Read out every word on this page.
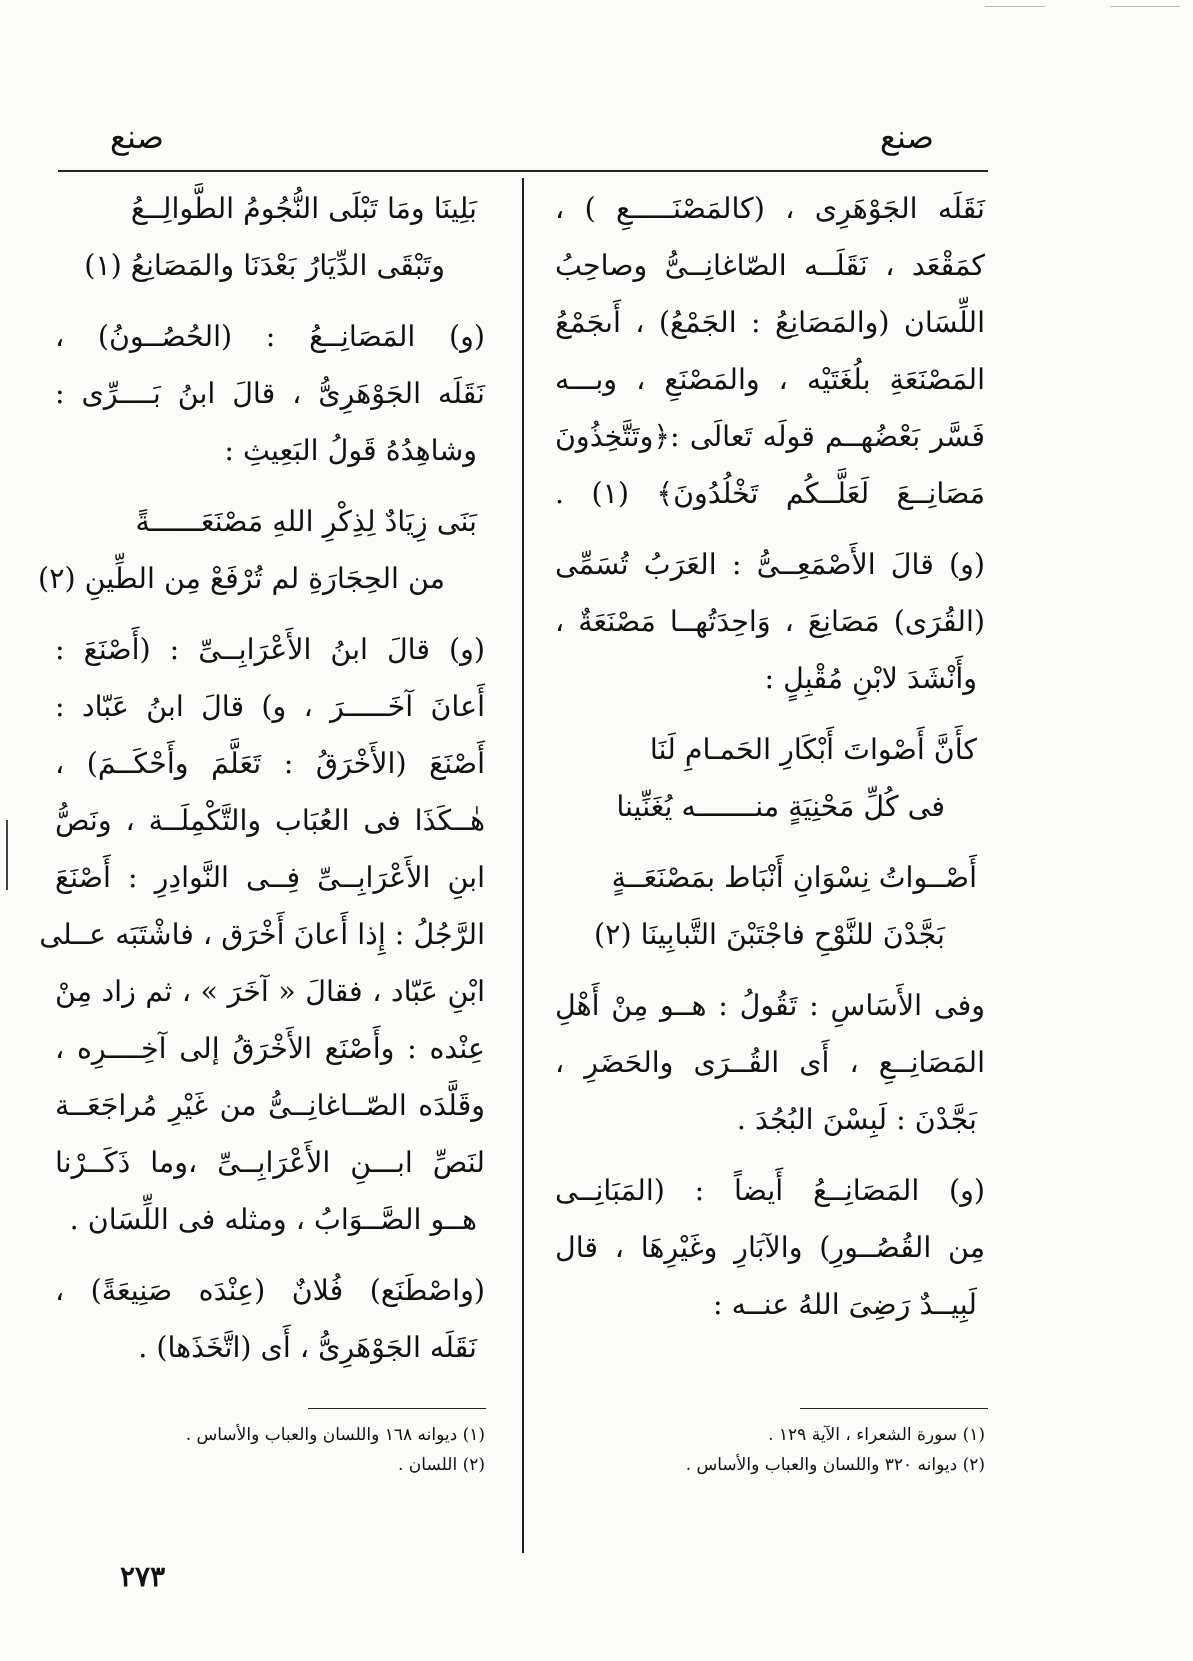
صنع
صنع
نَقَلَه الجَوْهَرِى ، (كالمَصْنَـــــعِ ) ،
كمَقْعَد ، نَقَلَــه الصّاغانِــىُّ وصاحِبُ
اللِّسَان (والمَصَانِعُ : الجَمْعُ) ، أَىجَمْعُ
المَصْنَعَةِ بلُغَتَيْه ، والمَصْنَعِ ، وبـــه
فَسَّر بَعْضُهــم قولَه تَعالَى :﴿وتَتَّخِذُونَ
مَصَانِــعَ لَعَلَّــكُم تَخْلُدُونَ﴾ (١) .
(و) قالَ الأَصْمَعِــىُّ : العَرَبُ تُسَمِّى
(القُرَى) مَصَانِعَ ، وَاحِدَتُهــا مَصْنَعَةٌ ،
وأَنْشَدَ لابْنِ مُقْبِلٍ :
كأَنَّ أَصْواتَ أَبْكَارِ الحَمـامِ لَنَا
فى كُلِّ مَحْنِيَةٍ منـــــــه يُغَنِّينا
أَصْــواتُ نِسْوَانِ أَنْبَاط بمَصْنَعَــةٍ
بَجَّدْنَ للنَّوْحِ فاجْتَبْنَ التَّبابِينَا (٢)
وفى الأَسَاسِ : تَقُولُ : هــو مِنْ أَهْلِ
المَصَانِــعِ ، أَى القُــرَى والحَضَرِ ،
بَجَّدْنَ : لَبِسْنَ البُجُدَ .
(و) المَصَانِــعُ أَيضاً : (المَبَانِــى
مِن القُصُــورِ) والآبَارِ وغَيْرِهَا ، قال
لَبِيــدٌ رَضِىَ اللهُ عنــه :
بَلِينَا ومَا تَبْلَى النُّجُومُ الطَّوالِــعُ
وتَبْقَى الدِّيَارُ بَعْدَنَا والمَصَانِعُ (١)
(و) المَصَانِــعُ : (الحُصُــونُ) ،
نَقَلَه الجَوْهَرِىُّ ، قالَ ابنُ بَــــرِّى :
وشاهِدُهُ قَولُ البَعِيثِ :
بَنَى زِيَادٌ لِذِكْرِ اللهِ مَصْنَعَــــــةً
من الحِجَارَةِ لم تُرْفَعْ مِن الطِّينِ (٢)
(و) قالَ ابنُ الأَعْرَابِــىِّ : (أَصْنَعَ :
أَعانَ آخَـــــرَ ، و) قالَ ابنُ عَبّاد :
أَصْنَعَ (الأَخْرَقُ : تَعَلَّمَ وأَحْكَــمَ) ،
هٰــكَذَا فى العُبَاب والتَّكْمِلَــة ، ونَصُّ
ابنِ الأَعْرَابِــىِّ فِــى النَّوادِرِ : أَصْنَعَ
الرَّجُلُ : إِذا أَعانَ أَخْرَق ، فاشْتَبَه عــلى
ابْنِ عَبّاد ، فقالَ « آخَرَ » ، ثم زاد مِنْ
عِنْده : وأَصْنَع الأَخْرَقُ إلى آخِــــرِه ،
وقَلَّدَه الصّــاغانِــىُّ من غَيْرِ مُراجَعَــة
لنَصِّ ابـــنِ الأَعْرَابِــىِّ ،وما ذَكَــرْنا
هــو الصَّــوَابُ ، ومثله فى اللِّسَان .
(واصْطَنَع) فُلانٌ (عِنْدَه صَنِيعَةً) ،
نَقَلَه الجَوْهَرِىُّ ، أَى (اتَّخَذَها) .
(١) سورة الشعراء ، الآية ١٢٩ .
(٢) ديوانه ٣٢٠ واللسان والعباب والأساس .
(١) ديوانه ١٦٨ واللسان والعباب والأساس .
(٢) اللسان .
٢٧٣
